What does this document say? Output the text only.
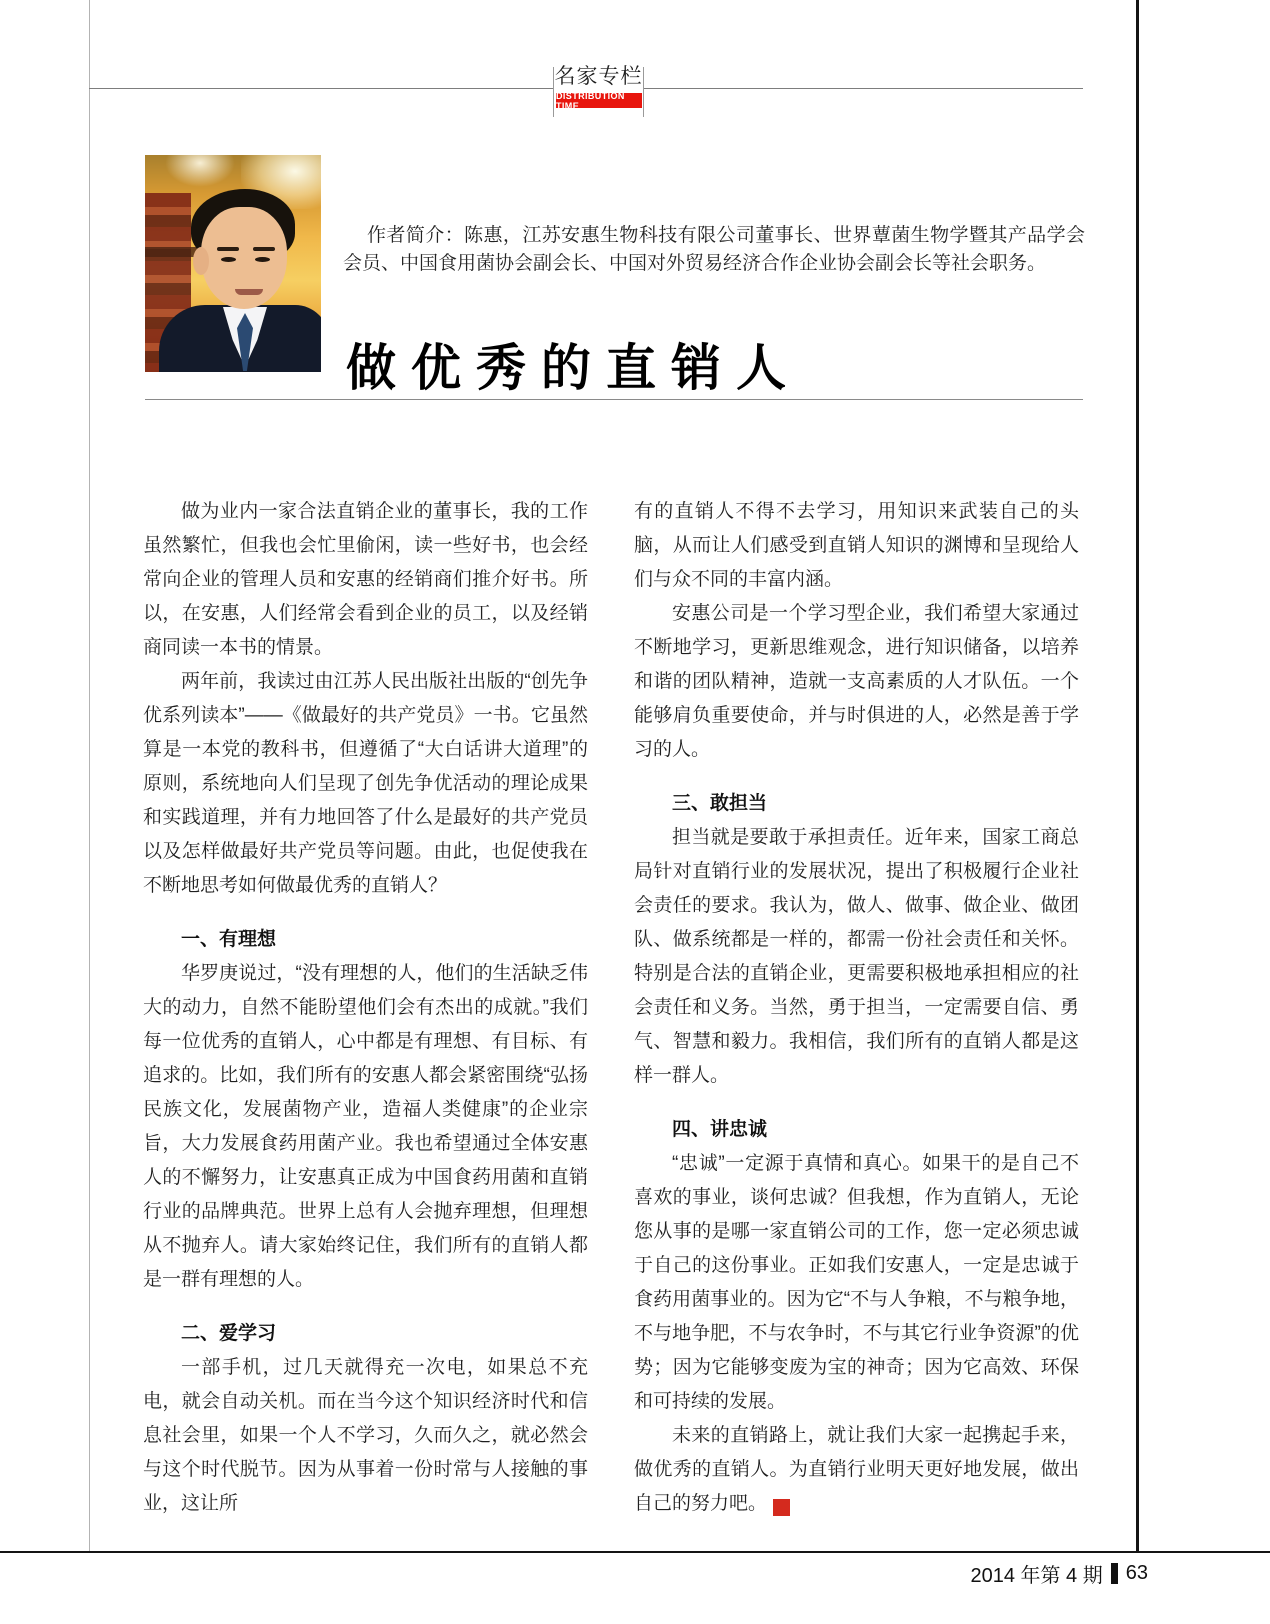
名家专栏
DISTRIBUTION TIME

作者简介：陈惠，江苏安惠生物科技有限公司董事长、世界蕈菌生物学暨其产品学会会员、中国食用菌协会副会长、中国对外贸易经济合作企业协会副会长等社会职务。

做优秀的直销人

做为业内一家合法直销企业的董事长，我的工作虽然繁忙，但我也会忙里偷闲，读一些好书，也会经常向企业的管理人员和安惠的经销商们推介好书。所以，在安惠，人们经常会看到企业的员工，以及经销商同读一本书的情景。

两年前，我读过由江苏人民出版社出版的“创先争优系列读本”——《做最好的共产党员》一书。它虽然算是一本党的教科书，但遵循了“大白话讲大道理”的原则，系统地向人们呈现了创先争优活动的理论成果和实践道理，并有力地回答了什么是最好的共产党员以及怎样做最好共产党员等问题。由此，也促使我在不断地思考如何做最优秀的直销人？

一、有理想

华罗庚说过，“没有理想的人，他们的生活缺乏伟大的动力，自然不能盼望他们会有杰出的成就。”我们每一位优秀的直销人，心中都是有理想、有目标、有追求的。比如，我们所有的安惠人都会紧密围绕“弘扬民族文化，发展菌物产业，造福人类健康”的企业宗旨，大力发展食药用菌产业。我也希望通过全体安惠人的不懈努力，让安惠真正成为中国食药用菌和直销行业的品牌典范。世界上总有人会抛弃理想，但理想从不抛弃人。请大家始终记住，我们所有的直销人都是一群有理想的人。

二、爱学习

一部手机，过几天就得充一次电，如果总不充电，就会自动关机。而在当今这个知识经济时代和信息社会里，如果一个人不学习，久而久之，就必然会与这个时代脱节。因为从事着一份时常与人接触的事业，这让所

有的直销人不得不去学习，用知识来武装自己的头脑，从而让人们感受到直销人知识的渊博和呈现给人们与众不同的丰富内涵。

安惠公司是一个学习型企业，我们希望大家通过不断地学习，更新思维观念，进行知识储备，以培养和谐的团队精神，造就一支高素质的人才队伍。一个能够肩负重要使命，并与时俱进的人，必然是善于学习的人。

三、敢担当

担当就是要敢于承担责任。近年来，国家工商总局针对直销行业的发展状况，提出了积极履行企业社会责任的要求。我认为，做人、做事、做企业、做团队、做系统都是一样的，都需一份社会责任和关怀。特别是合法的直销企业，更需要积极地承担相应的社会责任和义务。当然，勇于担当，一定需要自信、勇气、智慧和毅力。我相信，我们所有的直销人都是这样一群人。

四、讲忠诚

“忠诚”一定源于真情和真心。如果干的是自己不喜欢的事业，谈何忠诚？但我想，作为直销人，无论您从事的是哪一家直销公司的工作，您一定必须忠诚于自己的这份事业。正如我们安惠人，一定是忠诚于食药用菌事业的。因为它“不与人争粮，不与粮争地，不与地争肥，不与农争时，不与其它行业争资源”的优势；因为它能够变废为宝的神奇；因为它高效、环保和可持续的发展。

未来的直销路上，就让我们大家一起携起手来，做优秀的直销人。为直销行业明天更好地发展，做出自己的努力吧。	后

2014 年第 4 期 63
